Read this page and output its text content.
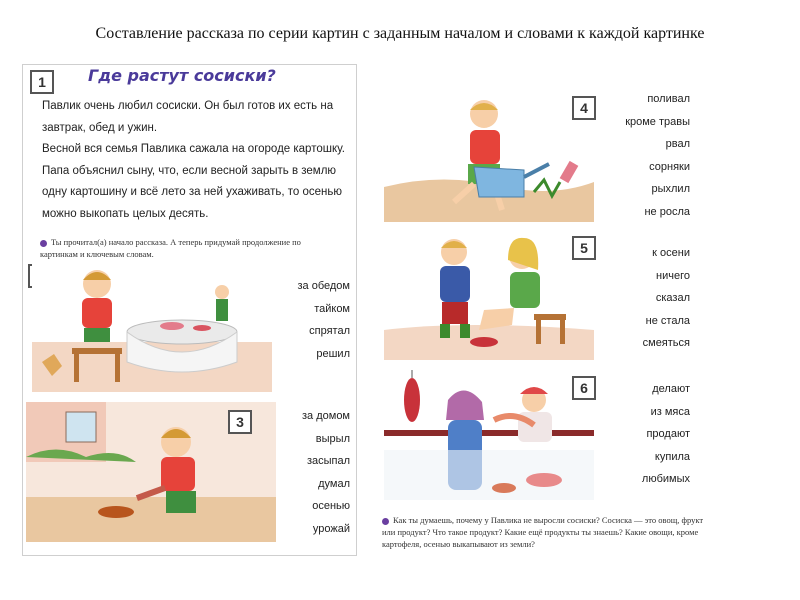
Составление рассказа по серии картин с заданным началом и словами к каждой картинке
1	Где растут сосиски?

Павлик очень любил сосиски. Он был готов их есть на завтрак, обед и ужин.

Весной вся семья Павлика сажала на огороде картошку. Папа объяснил сыну, что, если весной зарыть в землю одну картошину и всё лето за ней ухаживать, то осенью можно выкопать целых десять.

Ты прочитал(а) начало рассказа. А теперь придумай продолжение по картинкам и ключевым словам.
за обедом
тайком
спрятал
решил
3	за домом
вырыл
засыпал
думал
осенью
урожай
4
поливал
кроме травы
рвал
сорняки
рыхлил
не росла
5	к осени
ничего
сказал
не стала
смеяться
6	делают
из мяса
продают
купила
любимых
Как ты думаешь, почему у Павлика не выросли сосиски? Сосиска — это овощ, фрукт или продукт? Что такое продукт? Какие ещё продукты ты знаешь? Какие овощи, кроме картофеля, осенью выкапывают из земли?
